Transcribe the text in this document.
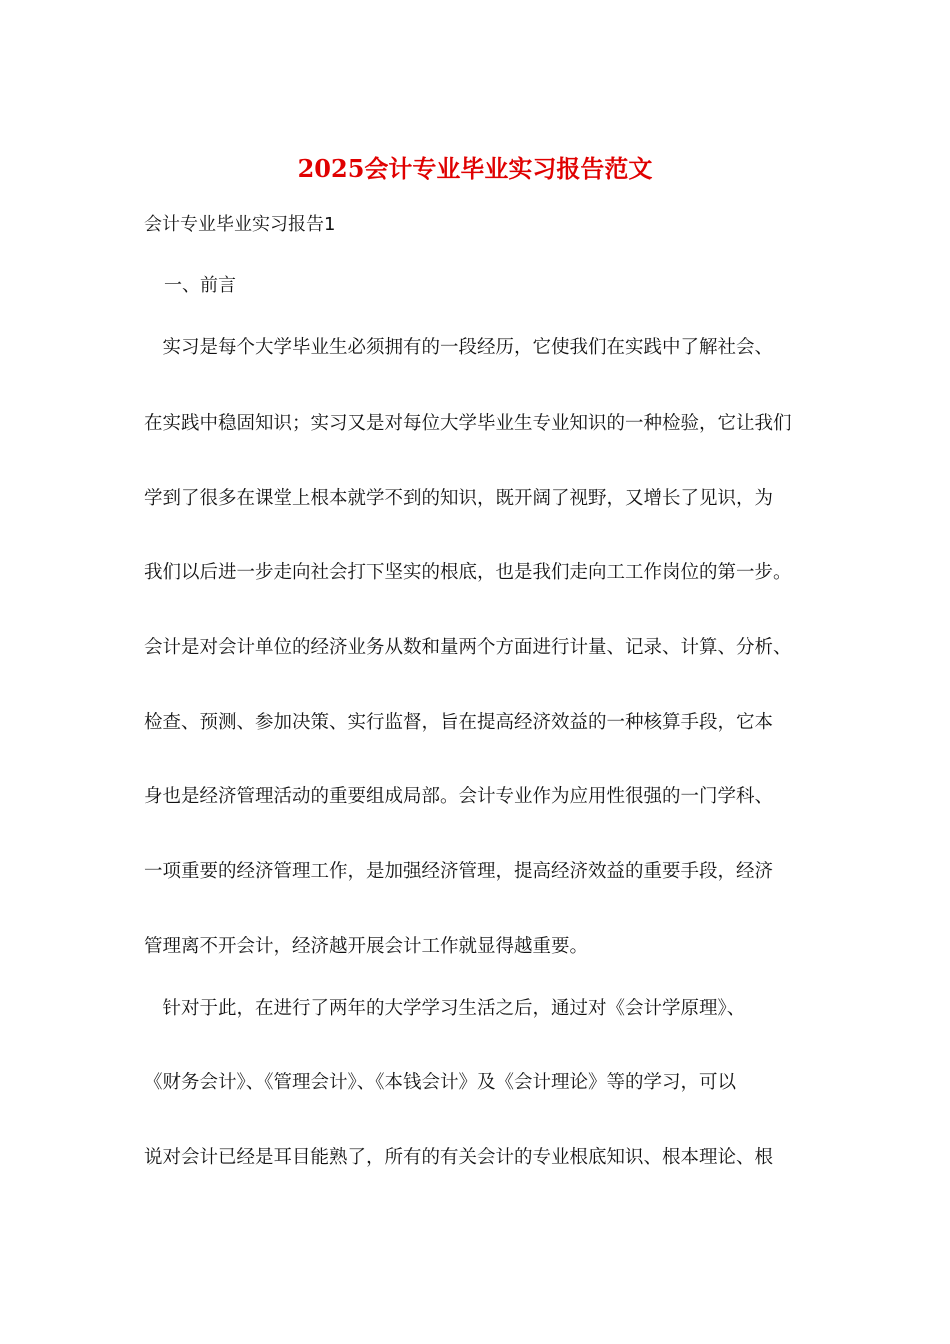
2025会计专业毕业实习报告范文
会计专业毕业实习报告1
一、前言
　实习是每个大学毕业生必须拥有的一段经历，它使我们在实践中了解社会、
在实践中稳固知识；实习又是对每位大学毕业生专业知识的一种检验，它让我们
学到了很多在课堂上根本就学不到的知识，既开阔了视野，又增长了见识，为
我们以后进一步走向社会打下坚实的根底，也是我们走向工工作岗位的第一步。
会计是对会计单位的经济业务从数和量两个方面进行计量、记录、计算、分析、
检查、预测、参加决策、实行监督，旨在提高经济效益的一种核算手段，它本
身也是经济管理活动的重要组成局部。会计专业作为应用性很强的一门学科、
一项重要的经济管理工作，是加强经济管理，提高经济效益的重要手段，经济
管理离不开会计，经济越开展会计工作就显得越重要。
　针对于此，在进行了两年的大学学习生活之后，通过对《会计学原理》、
《财务会计》、《管理会计》、《本钱会计》及《会计理论》等的学习，可以
说对会计已经是耳目能熟了，所有的有关会计的专业根底知识、根本理论、根
